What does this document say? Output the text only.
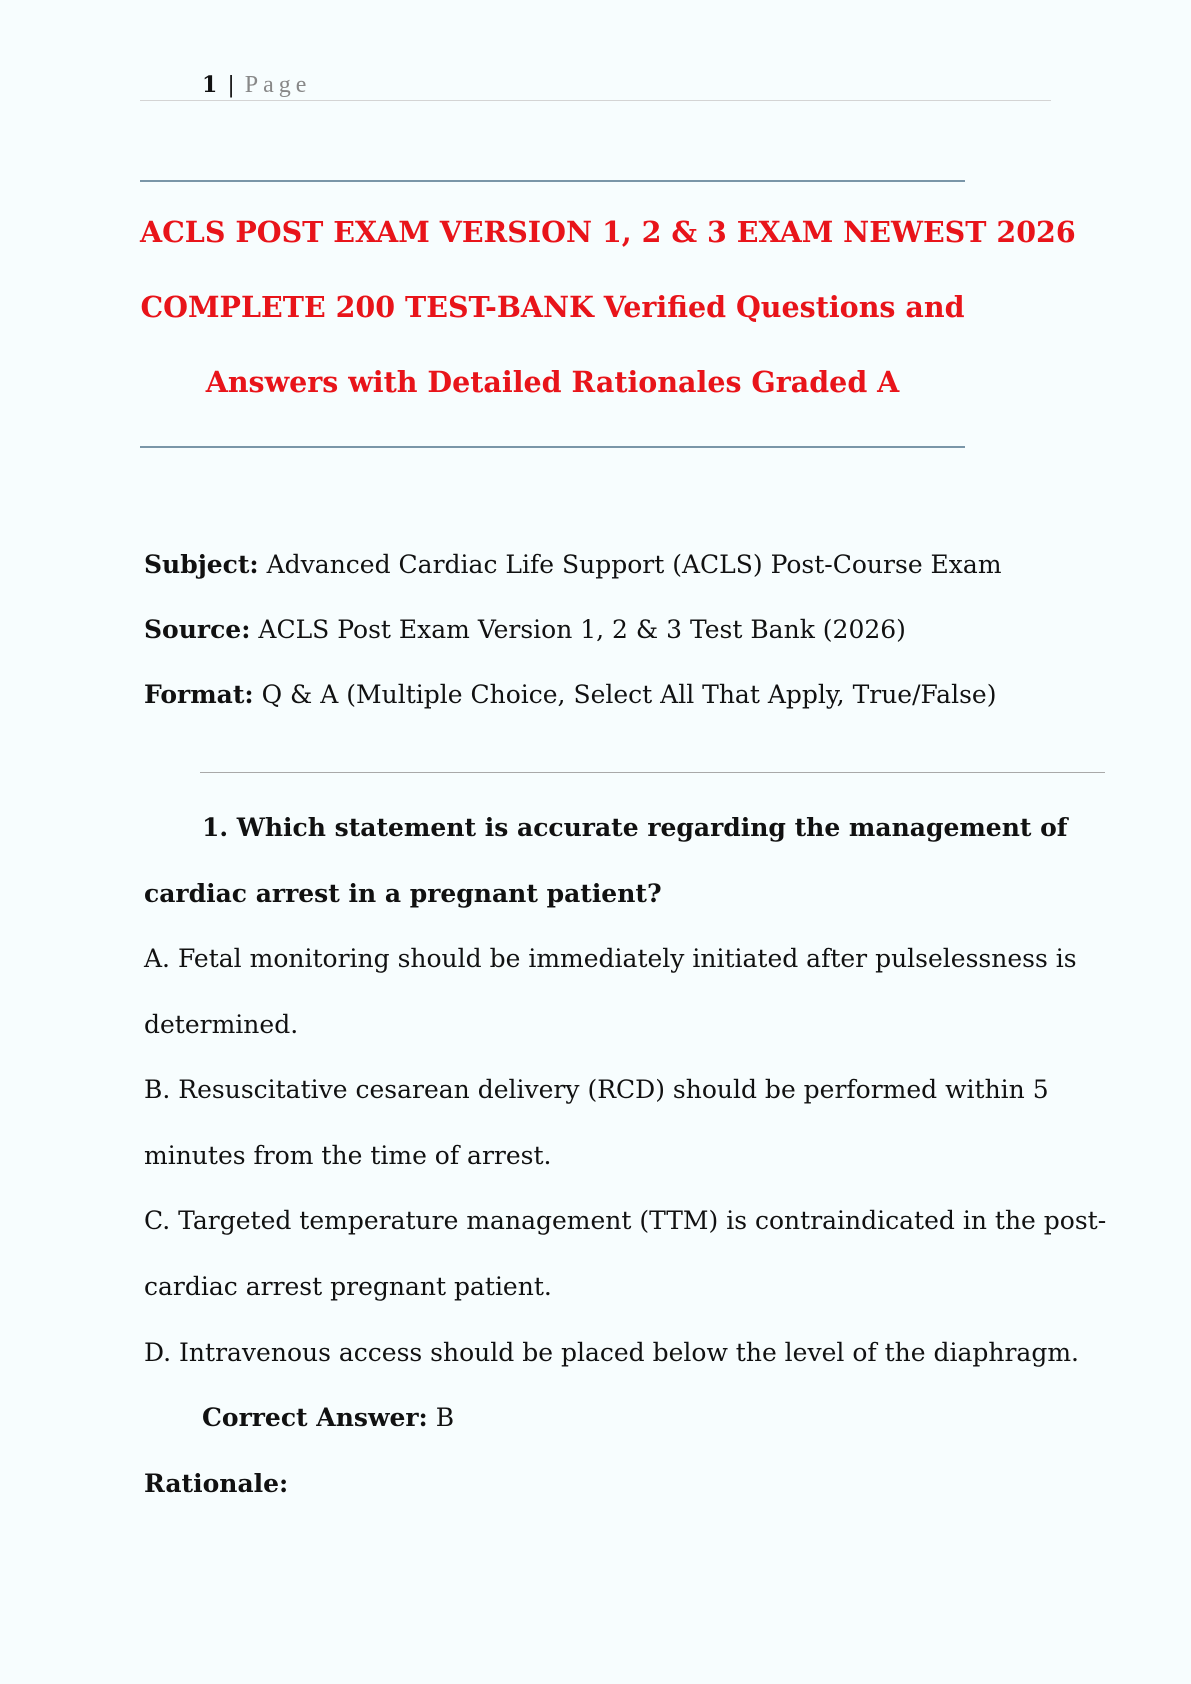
1 | Page
ACLS POST EXAM VERSION 1, 2 & 3 EXAM NEWEST 2026
COMPLETE 200 TEST-BANK Verified Questions and
Answers with Detailed Rationales Graded A
Subject: Advanced Cardiac Life Support (ACLS) Post-Course Exam
Source: ACLS Post Exam Version 1, 2 & 3 Test Bank (2026)
Format: Q & A (Multiple Choice, Select All That Apply, True/False)
1. Which statement is accurate regarding the management of
cardiac arrest in a pregnant patient?
A. Fetal monitoring should be immediately initiated after pulselessness is
determined.
B. Resuscitative cesarean delivery (RCD) should be performed within 5
minutes from the time of arrest.
C. Targeted temperature management (TTM) is contraindicated in the post-
cardiac arrest pregnant patient.
D. Intravenous access should be placed below the level of the diaphragm.
Correct Answer: B
Rationale:
